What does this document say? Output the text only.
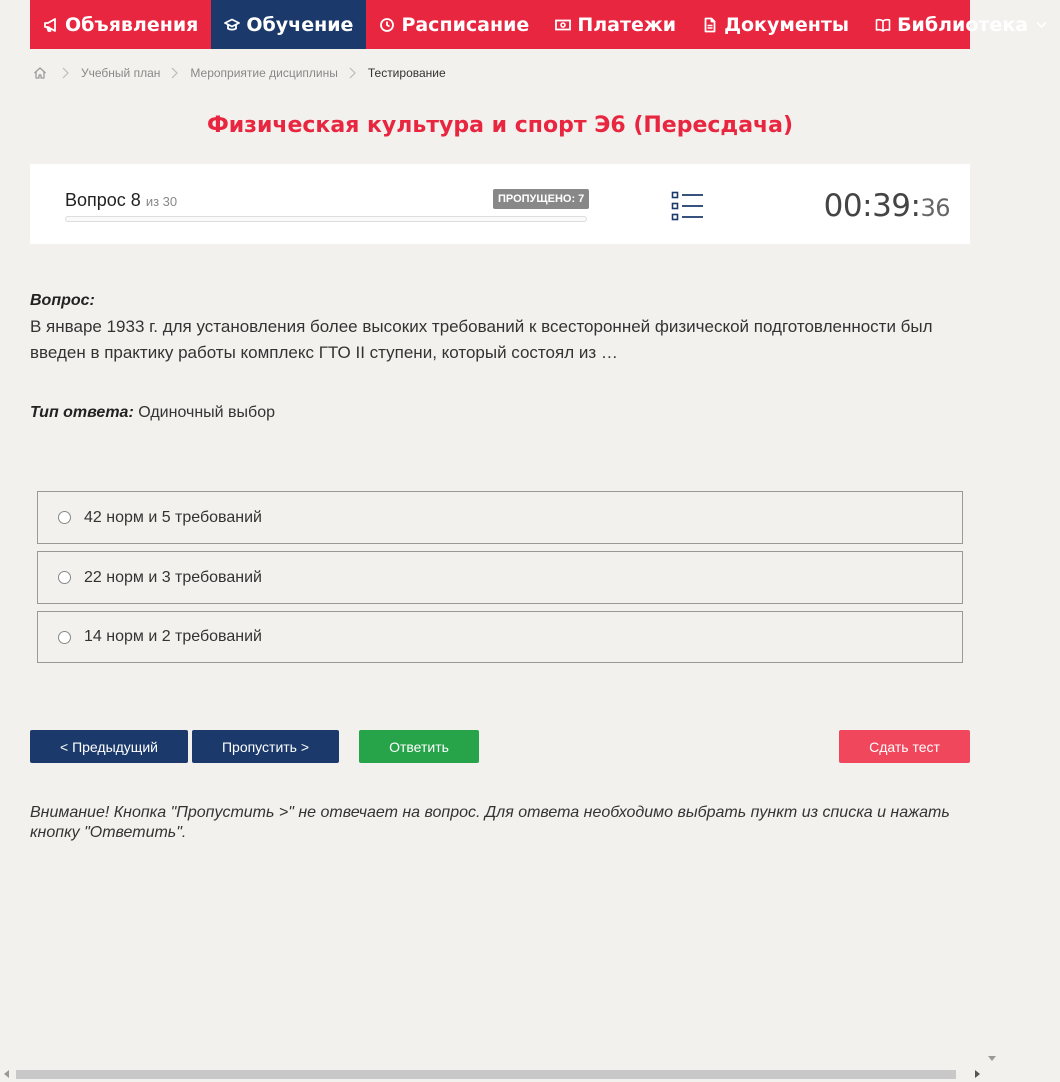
Объявления	Обучение	Расписание	Платежи	Документы	Библиотека
Учебный план	Мероприятие дисциплины	Тестирование
Физическая культура и спорт Э6 (Пересдача)
Вопрос 8 из 30	ПРОПУЩЕНО: 7	00:39:36
Вопрос:
В январе 1933 г. для установления более высоких требований к всесторонней физической подготовленности был введен в практику работы комплекс ГТО II ступени, который состоял из …
Тип ответа: Одиночный выбор
42 норм и 5 требований
22 норм и 3 требований
14 норм и 2 требований
< Предыдущий	Пропустить >	Ответить	Сдать тест
Внимание! Кнопка "Пропустить >" не отвечает на вопрос. Для ответа необходимо выбрать пункт из списка и нажать кнопку "Ответить".
